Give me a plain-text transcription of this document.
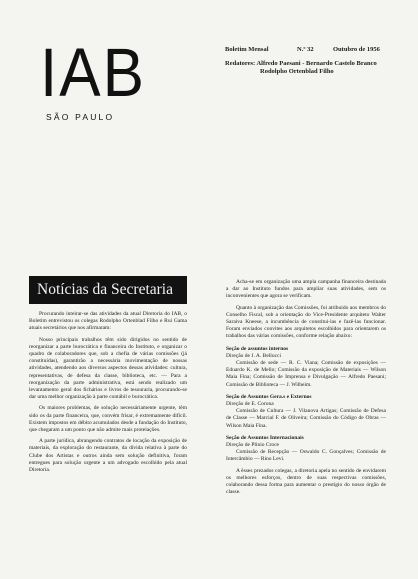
IAB
SÃO PAULO
Boletim Mensal	N.º 32	Outubro de 1956
Redatores: Alfredo Paesani - Bernardo Castelo Branco
Rodolpho Ortenblad Filho
Notícias da Secretaria

Procurando inteirar-se das atividades da atual Diretoria do IAB, o Boletim entrevistou os colegas Rodolpho Ortenblad Filho e Rui Gama atuais secretários que nos afirmaram:

Nosso principais trabalhos têm sido dirigidos no sentido de reorganizar a parte burocrática e financeira do Instituto, e organizar o quadro de colaboradores que, sob a chefia de várias comissões (já constituídas), garantirão a necessária movimentação de nossas atividades, atendendo aos diversos aspectos dessas atividades: cultura, representativas, de defesa da classe, biblioteca, etc. — Para a reorganização da parte administrativa, está sendo realizado um levantamento geral dos fichários e livros de tesouraria, procurando-se dar uma melhor organização à parte contábil e burocrática.

Os maiores problemas, de solução necessáriamente urgente, têm sido os da parte financeira, que, convém frisar, é extremamente difícil. Existem impostos em débito acumulados desde a fundação do Instituto, que chegaram a um ponto que não admite mais protelações.

A parte jurídica, abrangendo contratos de locação da exposição de materiais, da exploração do restaurante, da dívida relativa à parte do Clube dos Artistas e outros ainda sem solução definitiva, foram entregues para solução urgente a um advogado escolhido pela atual Diretoria.

Acha-se em organização uma ampla campanha financeira destinada a dar ao Instituto fundos para ampliar suas atividades, sem os inconvenientes que agora se verificam.

Quanto à organização das Comissões, foi atribuido aos membros do Conselho Fiscal, sob a orientação do Vice-Presidente arquiteto Walter Saraiva Kneese, a incumbência de constitui-las e fazê-las funcionar. Foram enviados convites aos arquitetos escolhidos para orientarem os trabalhos das várias comissões, conforme relação abaixo:

Seção de assuntos internos

Direção de J. A. Bellucci

Comissão de sede — R. C. Viana; Comissão de exposições — Eduardo K. de Mello; Comissão da exposição de Materiais — Wilson Maia Fina; Comissão de Imprensa e Divulgação — Alfredo Paesani; Comissão de Biblioteca — J. Wilheim.

Seção de Assuntos Gera.s e Externos

Direção de E. Corona

Comissão de Cultura — J. Vilanova Artigas; Comissão de Defesa de Classe — Marcial F. de Oliveira; Comissão do Código de Obras — Wilson Maia Fina.

Seção de Assuntos Internacionais

Direção de Plinio Croce

Comissão de Recepção — Oswaldo C. Gonçalves; Comissão de Intercâmbio — Rino Levi.

A êsses prezados colegas, a diretoria apela no sentido de envidarem os melhores esforços, dentro de suas respectivas comissões, colaborando dessa forma para aumentar o prestígio do nosso órgão de classe.
